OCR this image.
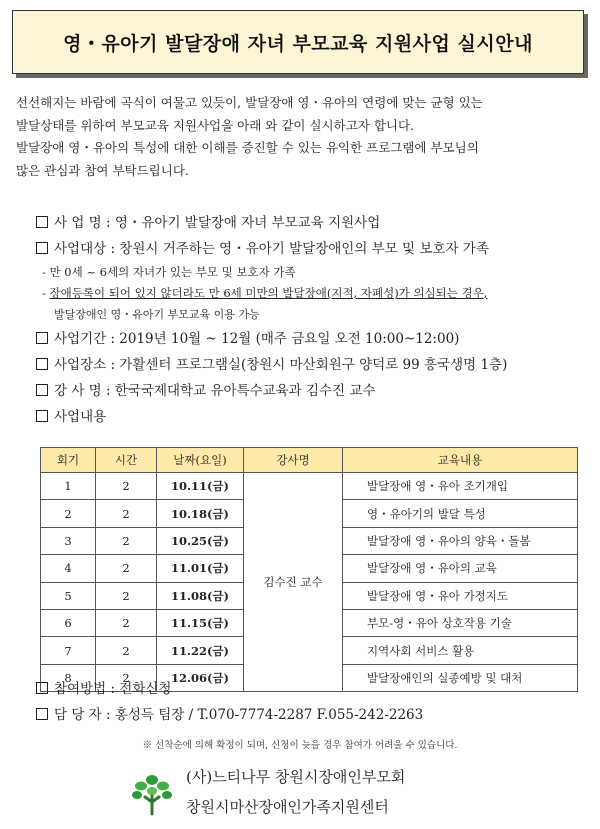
영・유아기 발달장애 자녀 부모교육 지원사업 실시안내

선선해지는 바람에 곡식이 여물고 있듯이, 발달장애 영・유아의 연령에 맞는 균형 있는

발달상태를 위하여 부모교육 지원사업을 아래 와 같이 실시하고자 합니다.

발달장애 영・유아의 특성에 대한 이해를 증진할 수 있는 유익한 프로그램에 부모님의

많은 관심과 참여 부탁드립니다.

사 업 명 : 영・유아기 발달장애 자녀 부모교육 지원사업
사업대상 : 창원시 거주하는 영・유아기 발달장애인의 부모 및 보호자 가족
- 만 0세 ~ 6세의 자녀가 있는 부모 및 보호자 가족
- 장애등록이 되어 있지 않더라도 만 6세 미만의 발달장애(지적, 자폐성)가 의심되는 경우,
발달장애인 영・유아기 부모교육 이용 가능
사업기간 : 2019년 10월 ~ 12월 (매주 금요일 오전 10:00~12:00)
사업장소 : 가활센터 프로그램실(창원시 마산회원구 양덕로 99 흥국생명 1층)
강 사 명 : 한국국제대학교 유아특수교육과 김수진 교수
사업내용
회기	시간	날짜(요일)	강사명	교육내용
1	2	10.11(금)	김수진 교수	발달장애 영・유아 조기개입
2	2	10.18(금)		영・유아기의 발달 특성
3	2	10.25(금)		발달장애 영・유아의 양육・돌봄
4	2	11.01(금)		발달장애 영・유아의 교육
5	2	11.08(금)		발달장애 영・유아 가정지도
6	2	11.15(금)		부모-영・유아 상호작용 기술
7	2	11.22(금)		지역사회 서비스 활용
8	2	12.06(금)		발달장애인의 실종예방 및 대처
참여방법 : 전화신청
담 당 자 : 홍성득 팀장 / T.070-7774-2287 F.055-242-2263
※ 선착순에 의해 확정이 되며, 신청이 늦을 경우 참여가 어려울 수 있습니다.
(사)느티나무 창원시장애인부모회
창원시마산장애인가족지원센터
